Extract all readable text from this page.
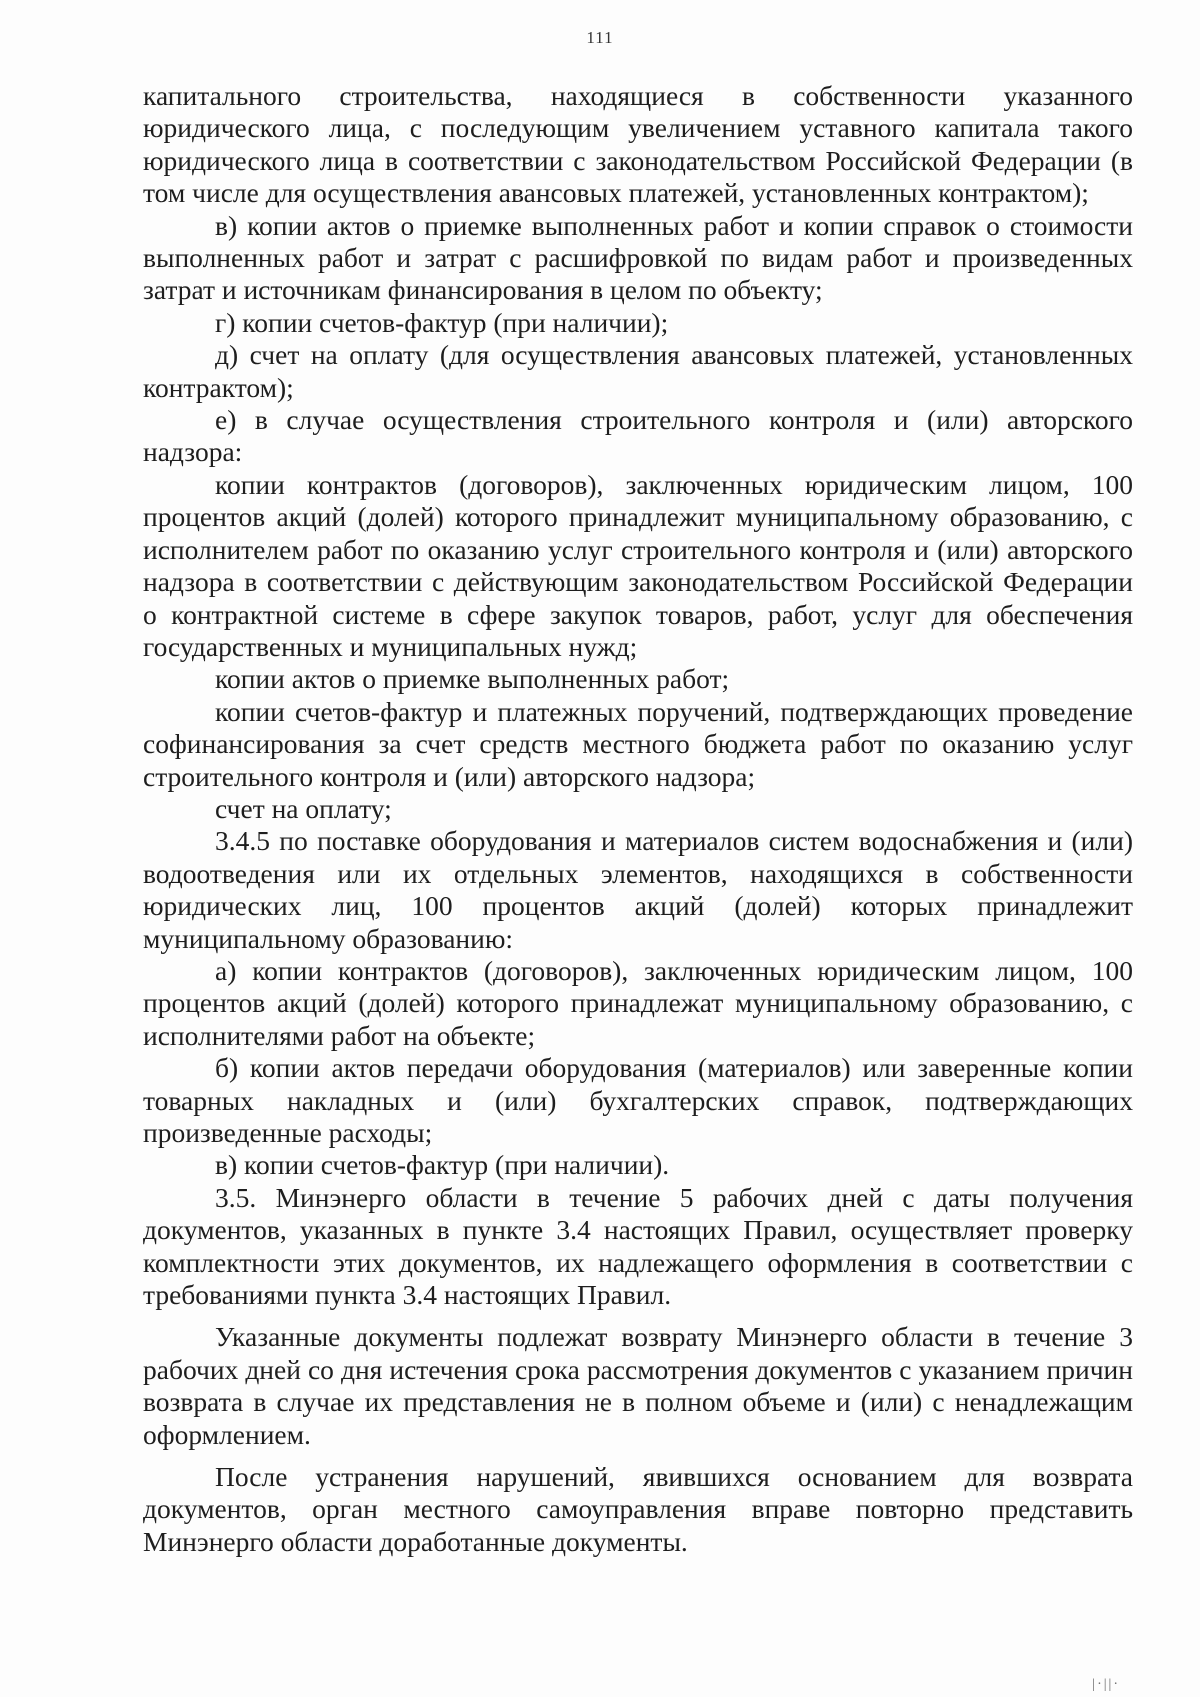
111

капитального строительства, находящиеся в собственности указанного юридического лица, с последующим увеличением уставного капитала такого юридического лица в соответствии с законодательством Российской Федерации (в том числе для осуществления авансовых платежей, установленных контрактом);

в) копии актов о приемке выполненных работ и копии справок о стоимости выполненных работ и затрат с расшифровкой по видам работ и произведенных затрат и источникам финансирования в целом по объекту;

г) копии счетов-фактур (при наличии);

д) счет на оплату (для осуществления авансовых платежей, установленных контрактом);

е) в случае осуществления строительного контроля и (или) авторского надзора:

копии контрактов (договоров), заключенных юридическим лицом, 100 процентов акций (долей) которого принадлежит муниципальному образованию, с исполнителем работ по оказанию услуг строительного контроля и (или) авторского надзора в соответствии с действующим законодательством Российской Федерации о контрактной системе в сфере закупок товаров, работ, услуг для обеспечения государственных и муниципальных нужд;

копии актов о приемке выполненных работ;

копии счетов-фактур и платежных поручений, подтверждающих проведение софинансирования за счет средств местного бюджета работ по оказанию услуг строительного контроля и (или) авторского надзора;

счет на оплату;

3.4.5 по поставке оборудования и материалов систем водоснабжения и (или) водоотведения или их отдельных элементов, находящихся в собственности юридических лиц, 100 процентов акций (долей) которых принадлежит муниципальному образованию:

а) копии контрактов (договоров), заключенных юридическим лицом, 100 процентов акций (долей) которого принадлежат муниципальному образованию, с исполнителями работ на объекте;

б) копии актов передачи оборудования (материалов) или заверенные копии товарных накладных и (или) бухгалтерских справок, подтверждающих произведенные расходы;

в) копии счетов-фактур (при наличии).

3.5. Минэнерго области в течение 5 рабочих дней с даты получения документов, указанных в пункте 3.4 настоящих Правил, осуществляет проверку комплектности этих документов, их надлежащего оформления в соответствии с требованиями пункта 3.4 настоящих Правил.

Указанные документы подлежат возврату Минэнерго области в течение 3 рабочих дней со дня истечения срока рассмотрения документов с указанием причин возврата в случае их представления не в полном объеме и (или) с ненадлежащим оформлением.

После устранения нарушений, явившихся основанием для возврата документов, орган местного самоуправления вправе повторно представить Минэнерго области доработанные документы.

|·||·
